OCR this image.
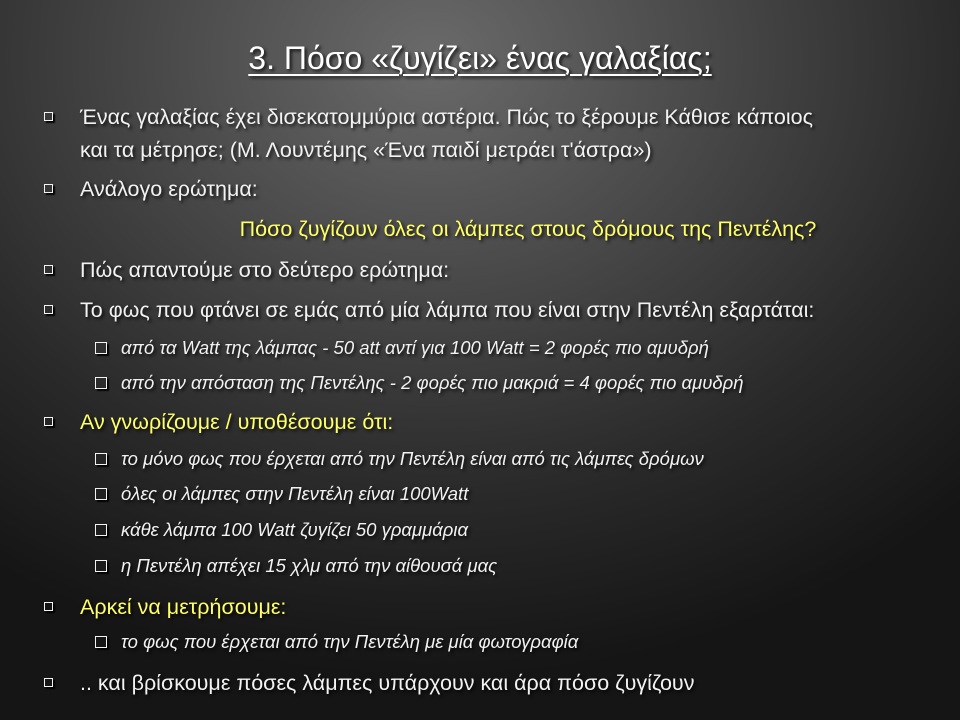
3. Πόσο «ζυγίζει» ένας γαλαξίας;
Ένας γαλαξίας έχει δισεκατομμύρια αστέρια. Πώς το ξέρουμε Κάθισε κάποιος
και τα μέτρησε; (Μ. Λουντέμης «Ένα παιδί μετράει τ'άστρα»)
Ανάλογο ερώτημα:
Πόσο ζυγίζουν όλες οι λάμπες στους δρόμους της Πεντέλης?
Πώς απαντούμε στο δεύτερο ερώτημα:
Το φως που φτάνει σε εμάς από μία λάμπα που είναι στην Πεντέλη εξαρτάται:
από τα Watt της λάμπας - 50 att αντί για 100 Watt = 2 φορές πιο αμυδρή
από την απόσταση της Πεντέλης - 2 φορές πιο μακριά = 4 φορές πιο αμυδρή
Αν γνωρίζουμε / υποθέσουμε ότι:
το μόνο φως που έρχεται από την Πεντέλη είναι από τις λάμπες δρόμων
όλες οι λάμπες στην Πεντέλη είναι 100Watt
κάθε λάμπα 100 Watt ζυγίζει 50 γραμμάρια
η Πεντέλη απέχει 15 χλμ από την αίθουσά μας
Αρκεί να μετρήσουμε:
το φως που έρχεται από την Πεντέλη με μία φωτογραφία
.. και βρίσκουμε πόσες λάμπες υπάρχουν και άρα πόσο ζυγίζουν
